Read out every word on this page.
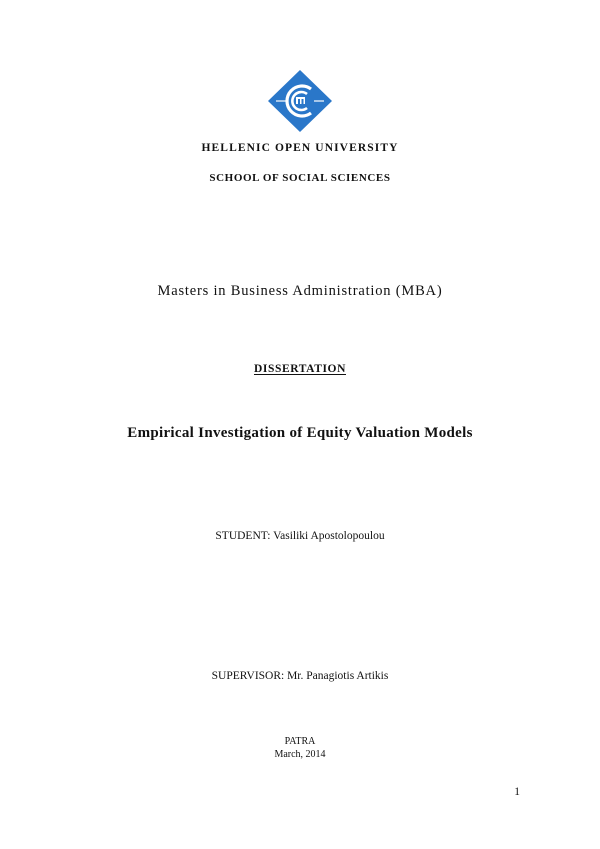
HELLENIC OPEN UNIVERSITY
SCHOOL OF SOCIAL SCIENCES
Masters in Business Administration (MBA)
DISSERTATION
Empirical Investigation of Equity Valuation Models
STUDENT: Vasiliki Apostolopoulou
SUPERVISOR: Mr. Panagiotis Artikis
PATRA
March, 2014
1
